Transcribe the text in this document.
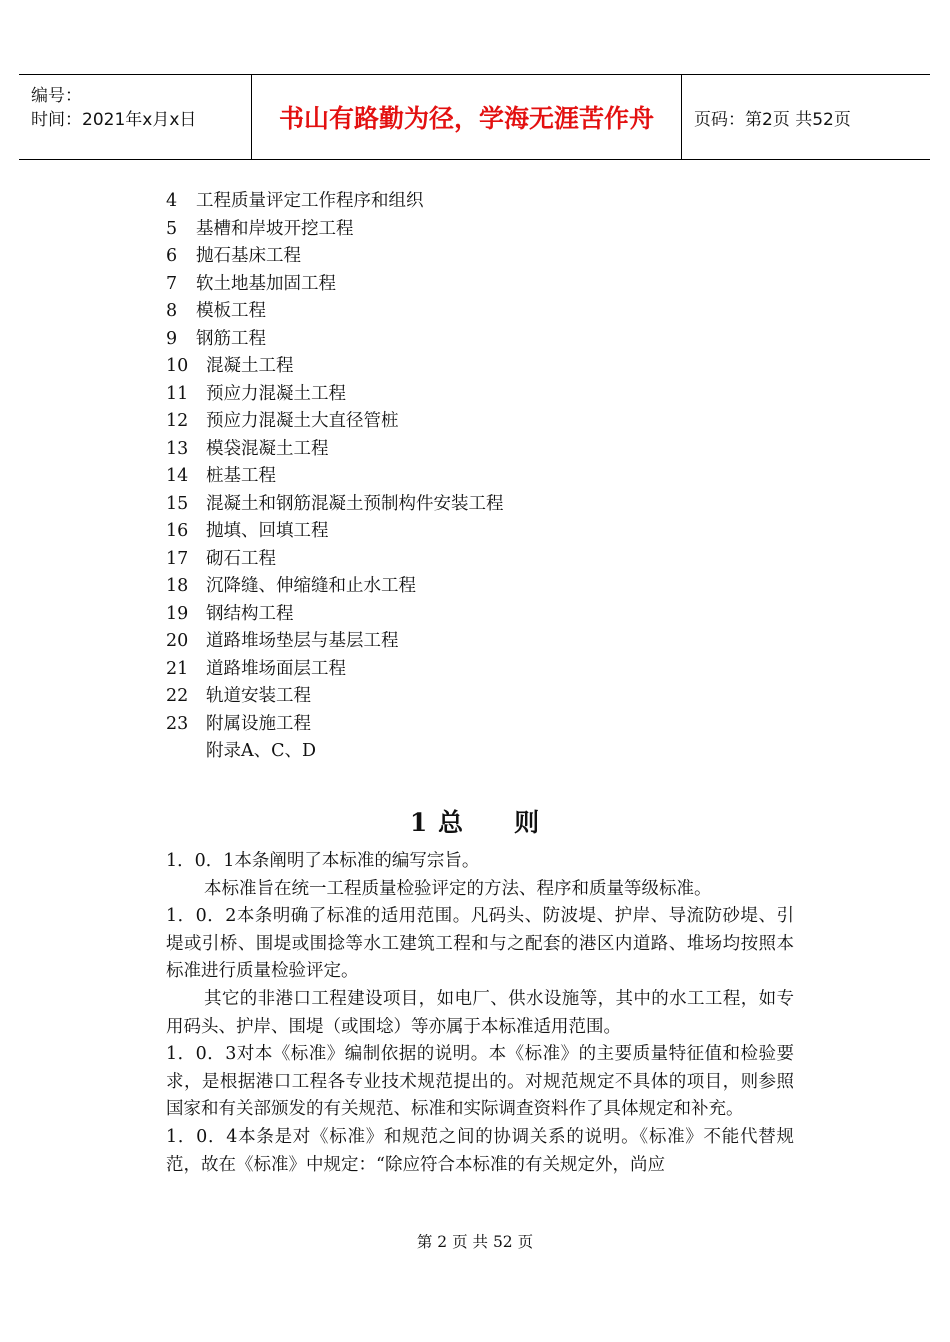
编号：
时间：2021年x月x日	书山有路勤为径，学海无涯苦作舟 页码：第2页 共52页
4 工程质量评定工作程序和组织
5 基槽和岸坡开挖工程
6 抛石基床工程
7 软土地基加固工程
8 模板工程
9 钢筋工程
10 混凝土工程
11 预应力混凝土工程
12 预应力混凝土大直径管桩
13 模袋混凝土工程
14 桩基工程
15 混凝土和钢筋混凝土预制构件安装工程
16 抛填、回填工程
17 砌石工程
18 沉降缝、伸缩缝和止水工程
19 钢结构工程
20 道路堆场垫层与基层工程
21 道路堆场面层工程
22 轨道安装工程
23 附属设施工程
附录A、C、D
1 总 则

1．0．1本条阐明了本标准的编写宗旨。

本标准旨在统一工程质量检验评定的方法、程序和质量等级标准。

1．0．2本条明确了标准的适用范围。凡码头、防波堤、护岸、导流防砂堤、引堤或引桥、围堤或围捻等水工建筑工程和与之配套的港区内道路、堆场均按照本标准进行质量检验评定。

其它的非港口工程建设项目，如电厂、供水设施等，其中的水工工程，如专用码头、护岸、围堤（或围埝）等亦属于本标准适用范围。

1．0．3对本《标准》编制依据的说明。本《标准》的主要质量特征值和检验要求，是根据港口工程各专业技术规范提出的。对规范规定不具体的项目，则参照国家和有关部颁发的有关规范、标准和实际调查资料作了具体规定和补充。

1．0．4本条是对《标准》和规范之间的协调关系的说明。《标准》不能代替规范，故在《标准》中规定：“除应符合本标准的有关规定外，尚应

第 2 页 共 52 页
